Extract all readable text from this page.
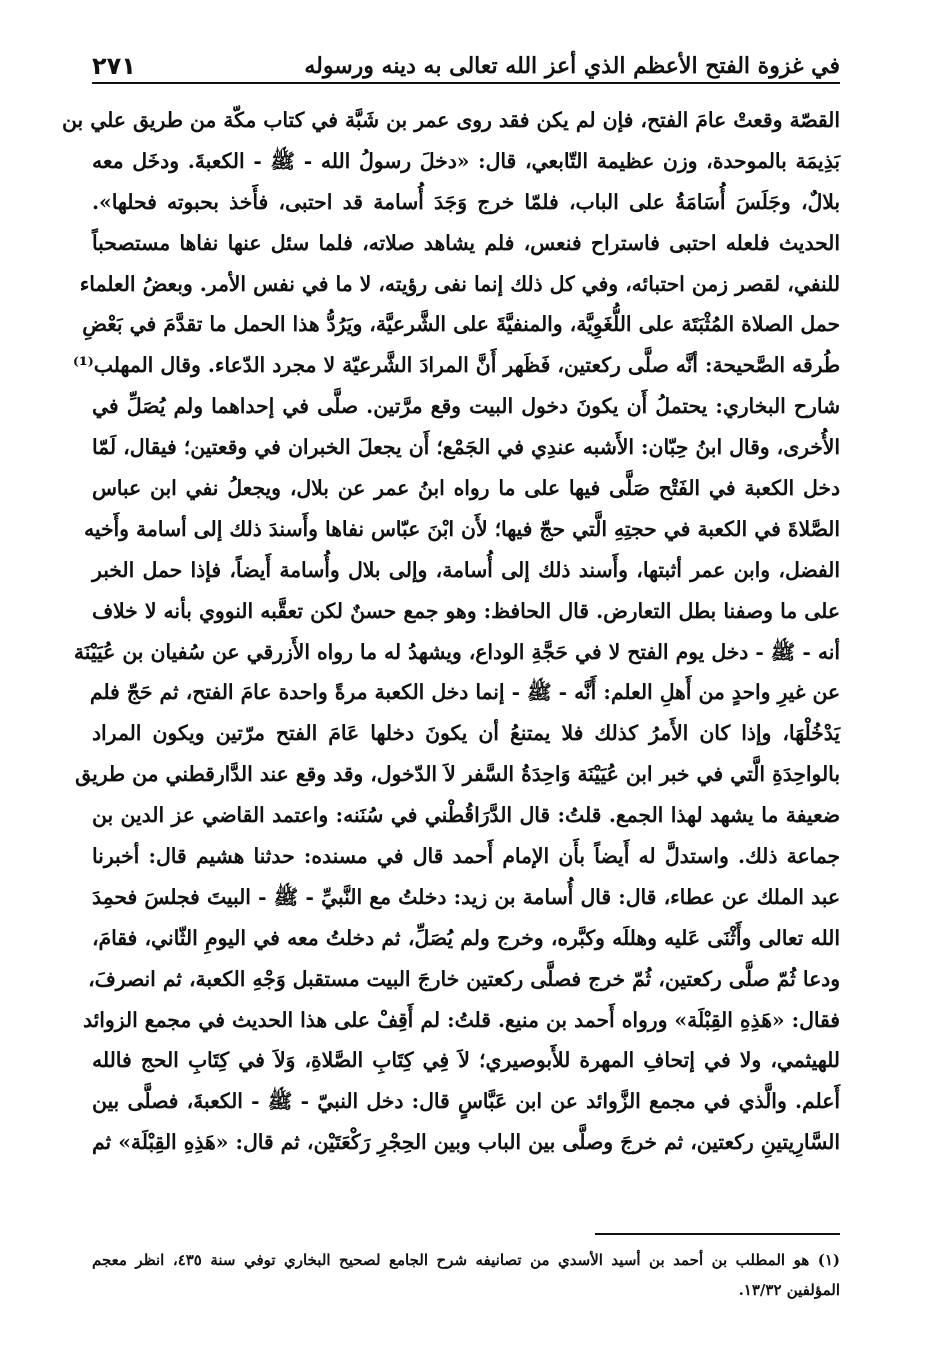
في غزوة الفتح الأعظم الذي أعز الله تعالى به دينه ورسوله
٢٧١
القصّة وقعتْ عامَ الفتح، فإن لم يكن فقد روى عمر بن شَبَّة في كتاب مكّة من طريق علي بن
بَذِيمَة بالموحدة، وزن عظيمة التّابعي، قال: «دخلَ رسولُ الله - ﷺ - الكعبةَ. ودخَل معه
بلالٌ، وجَلَسَ أُسَامَةُ على الباب، فلمّا خرج وَجَدَ أُسامة قد احتبى، فأَخذ بحبوته فحلها».
الحديث فلعله احتبى فاستراح فنعس، فلم يشاهد صلاته، فلما سئل عنها نفاها مستصحباً
للنفي، لقصر زمن احتبائه، وفي كل ذلك إنما نفى رؤيته، لا ما في نفس الأمر. وبعضُ العلماء
حمل الصلاة المُثْبَتَة على اللُّغَوِيَّة، والمنفيَّةَ على الشَّرعيَّة، ويَرُدُّ هذا الحمل ما تقدَّمَ في بَعْضِ
طُرقه الصَّحيحة: أنَّه صلَّى ركعتين، فَظَهر أَنَّ المرادَ الشَّرعيّة لا مجرد الدّعاء. وقال المهلب⁽¹⁾
شارح البخاري: يحتملُ أَن يكونَ دخول البيت وقع مرَّتين. صلَّى في إحداهما ولم يُصَلِّ في
الأُخرى، وقال ابنُ حِبّان: الأَشبه عندِي في الجَمْع؛ أَن يجعلَ الخبران في وقعتين؛ فيقال، لَمّا
دخل الكعبة في الفَتْح صَلَّى فيها على ما رواه ابنُ عمر عن بلال، ويجعلُ نفي ابن عباس
الصَّلاةَ في الكعبة في حجتِهِ الَّتي حجّ فيها؛ لأَن ابْنَ عبّاس نفاها وأَسندَ ذلك إلى أسامة وأَخيه
الفضل، وابن عمر أثبتها، وأَسند ذلك إلى أُسامة، وإلى بلال وأُسامة أَيضاً، فإذا حمل الخبر
على ما وصفنا بطل التعارض. قال الحافظ: وهو جمع حسنٌ لكن تعقَّبه النووي بأنه لا خلاف
أنه - ﷺ - دخل يوم الفتح لا في حَجَّةِ الوداع، ويشهدُ له ما رواه الأَزرقي عن سُفيان بن عُيَيْنَة
عن غيرِ واحدٍ من أَهلِ العلم: أَنَّه - ﷺ - إنما دخل الكعبة مرةً واحدة عامَ الفتح، ثم حَجّ فلم
يَدْخُلْهَا، وإذا كان الأَمرُ كذلك فلا يمتنعُ أن يكونَ دخلها عَامَ الفتح مرّتين ويكون المراد
بالواحِدَةِ الَّتي في خبر ابن عُيَيْنَة وَاحِدَةُ السَّفر لاَ الدّخول، وقد وقع عند الدَّارقطني من طريق
ضعيفة ما يشهد لهذا الجمع. قلتُ: قال الدَّرَاقُطْني في سُنَنه: واعتمد القاضي عز الدين بن
جماعة ذلك. واستدلَّ له أَيضاً بأَن الإمام أَحمد قال في مسنده: حدثنا هشيم قال: أخبرنا
عبد الملك عن عطاء، قال: قال أُسامة بن زيد: دخلتُ مع النَّبيِّ - ﷺ - البيتَ فجلسَ فحمِدَ
الله تعالى وأَثْنَى عَليه وهللَه وكبَّره، وخرج ولم يُصَلِّ، ثم دخلتُ معه في اليومِ الثّاني، فقامَ،
ودعا ثُمّ صلَّى ركعتين، ثُمّ خرج فصلَّى ركعتين خارجَ البيت مستقبل وَجْهِ الكعبة، ثم انصرفَ،
فقال: «هَذِهِ القِبْلَة» ورواه أَحمد بن منيع. قلتُ: لم أَقِفْ على هذا الحديث في مجمع الزوائد
للهيثمي، ولا في إتحافِ المهرة للأَبوصيري؛ لاَ فِي كِتَابِ الصَّلاةِ، وَلاَ في كِتَابِ الحج فالله
أَعلم. والَّذي في مجمع الزَّوائد عن ابن عَبَّاسٍ قال: دخل النبيّ - ﷺ - الكعبةَ، فصلَّى بين
السَّارِيتينِ ركعتين، ثم خرجَ وصلَّى بين الباب وبين الحِجْرِ رَكْعَتَيْن، ثم قال: «هَذِهِ القِبْلَة» ثم
(١) هو المطلب بن أحمد بن أسيد الأسدي من تصانيفه شرح الجامع لصحيح البخاري توفي سنة ٤٣٥، انظر معجم
المؤلفين ١٣/٣٢.
